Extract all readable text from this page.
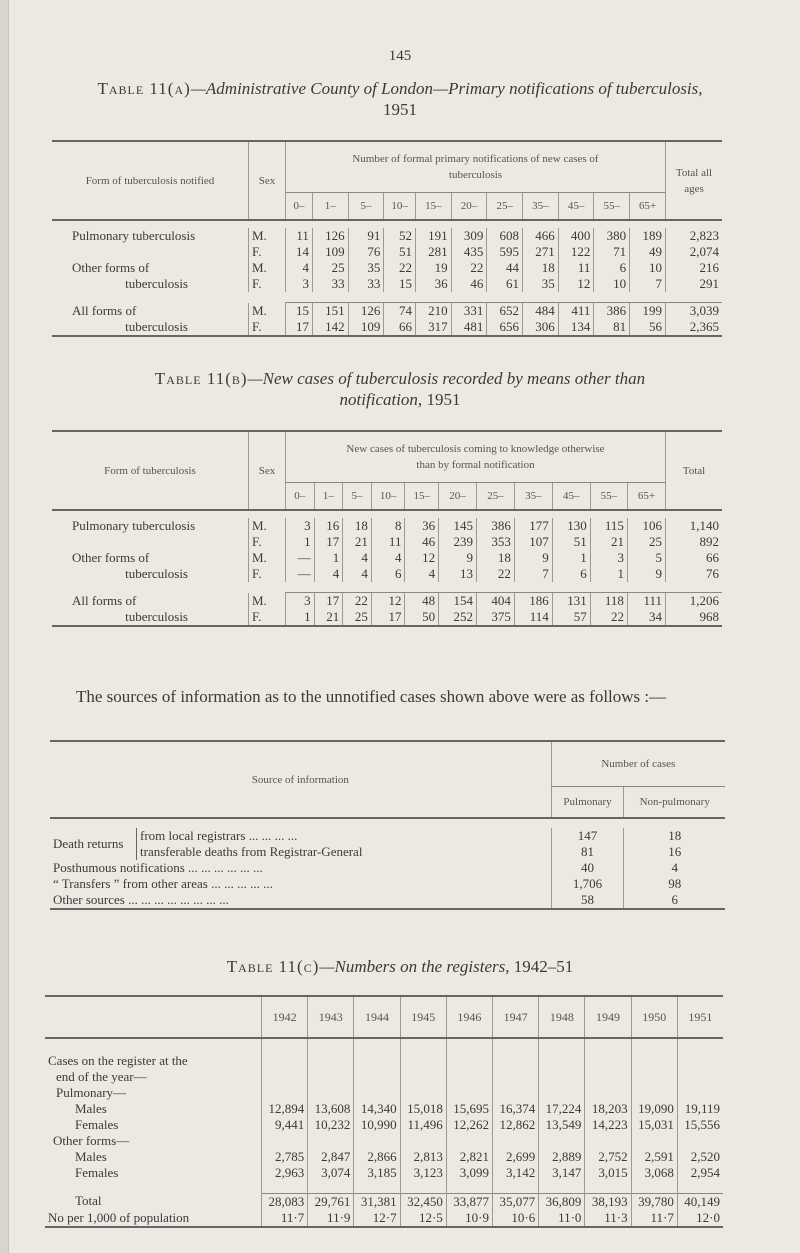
145
Table 11(a)—Administrative County of London—Primary notifications of tuberculosis,
1951
Form of tuberculosis notified	Sex	Number of formal primary notifications of new cases of tuberculosis											Total all ages
		0–	1–	5–	10–	15–	20–	25–	35–	45–	55–	65+	

Pulmonary tuberculosis	M.	11	126	91	52	191	309	608	466	400	380	189	2,823
	F.	14	109	76	51	281	435	595	271	122	71	49	2,074
Other forms of	M.	4	25	35	22	19	22	44	18	11	6	10	216
tuberculosis	F.	3	33	33	15	36	46	61	35	12	10	7	291

All forms of	M.	15	151	126	74	210	331	652	484	411	386	199	3,039
tuberculosis	F.	17	142	109	66	317	481	656	306	134	81	56	2,365

Table 11(b)—New cases of tuberculosis recorded by means other than
notification, 1951
Form of tuberculosis	Sex	New cases of tuberculosis coming to knowledge otherwise than by formal notification											Total
		0–	1–	5–	10–	15–	20–	25–	35–	45–	55–	65+	

Pulmonary tuberculosis	M.	3	16	18	8	36	145	386	177	130	115	106	1,140
	F.	1	17	21	11	46	239	353	107	51	21	25	892
Other forms of	M.	—	1	4	4	12	9	18	9	1	3	5	66
tuberculosis	F.	—	4	4	6	4	13	22	7	6	1	9	76

All forms of	M.	3	17	22	12	48	154	404	186	131	118	111	1,206
tuberculosis	F.	1	21	25	17	50	252	375	114	57	22	34	968

The sources of information as to the unnotified cases shown above were as follows :—
Source of information		Number of cases	
		Pulmonary	Non-pulmonary

Death returns	from local registrars ... ... ... ...	147	18
	transferable deaths from Registrar-General	81	16
Posthumous notifications ... ... ... ... ... ...		40	4
“ Transfers ” from other areas ... ... ... ... ...		1,706	98
Other sources ... ... ... ... ... ... ... ...		58	6
Table 11(c)—Numbers on the registers, 1942–51
	1942	1943	1944	1945	1946	1947	1948	1949	1950	1951

Cases on the register at the
end of the year—
Pulmonary—										

Males	12,894	13,608	14,340	15,018	15,695	16,374	17,224	18,203	19,090	19,119
Females	9,441	10,232	10,990	11,496	12,262	12,862	13,549	14,223	15,031	15,556
Other forms—										
Males	2,785	2,847	2,866	2,813	2,821	2,699	2,889	2,752	2,591	2,520
Females	2,963	3,074	3,185	3,123	3,099	3,142	3,147	3,015	3,068	2,954

Total	28,083	29,761	31,381	32,450	33,877	35,077	36,809	38,193	39,780	40,149
No per 1,000 of population	11·7	11·9	12·7	12·5	10·9	10·6	11·0	11·3	11·7	12·0
